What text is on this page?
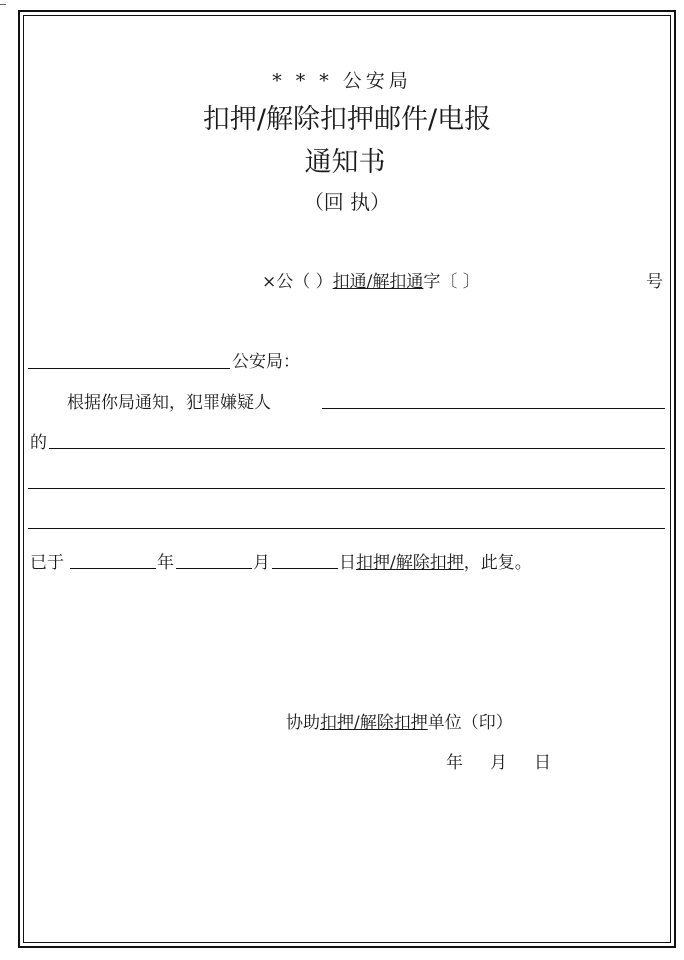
* * * 公安局
扣押/解除扣押邮件/电报
通知书
（回 执）
×公（ ）扣通/解扣通字〔 〕	号
公安局：
根据你局通知，犯罪嫌疑人
的
已于	年	月	日扣押/解除扣押，此复。
协助扣押/解除扣押单位（印）
年     月     日
